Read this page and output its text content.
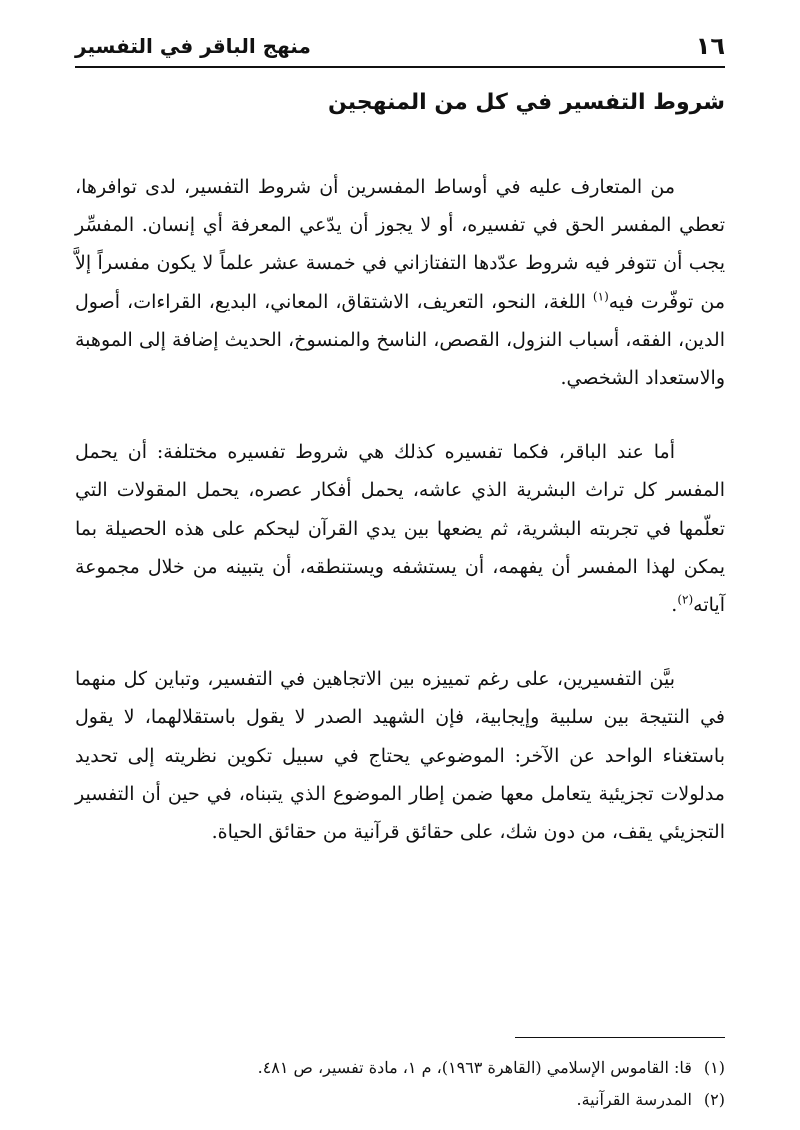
١٦
منهج الباقر في التفسير
شروط التفسير في كل من المنهجين

من المتعارف عليه في أوساط المفسرين أن شروط التفسير، لدى توافرها، تعطي المفسر الحق في تفسيره، أو لا يجوز أن يدّعي المعرفة أي إنسان. المفسِّر يجب أن تتوفر فيه شروط عدّدها التفتازاني في خمسة عشر علماً لا يكون مفسراً إلاَّ من توفّرت فيه$^{(١)}$ اللغة، النحو، التعريف، الاشتقاق، المعاني، البديع، القراءات، أصول الدين، الفقه، أسباب النزول، القصص، الناسخ والمنسوخ، الحديث إضافة إلى الموهبة والاستعداد الشخصي.

أما عند الباقر، فكما تفسيره كذلك هي شروط تفسيره مختلفة: أن يحمل المفسر كل تراث البشرية الذي عاشه، يحمل أفكار عصره، يحمل المقولات التي تعلّمها في تجربته البشرية، ثم يضعها بين يدي القرآن ليحكم على هذه الحصيلة بما يمكن لهذا المفسر أن يفهمه، أن يستشفه ويستنطقه، أن يتبينه من خلال مجموعة آياته$^{(٢)}$.

بيَّن التفسيرين، على رغم تمييزه بين الاتجاهين في التفسير، وتباين كل منهما في النتيجة بين سلبية وإيجابية، فإن الشهيد الصدر لا يقول باستقلالهما، لا يقول باستغناء الواحد عن الآخر: الموضوعي يحتاج في سبيل تكوين نظريته إلى تحديد مدلولات تجزيئية يتعامل معها ضمن إطار الموضوع الذي يتبناه، في حين أن التفسير التجزيئي يقف، من دون شك، على حقائق قرآنية من حقائق الحياة.

(١) قا: القاموس الإسلامي (القاهرة ١٩٦٣)، م ١، مادة تفسير، ص ٤٨١.
(٢) المدرسة القرآنية.
